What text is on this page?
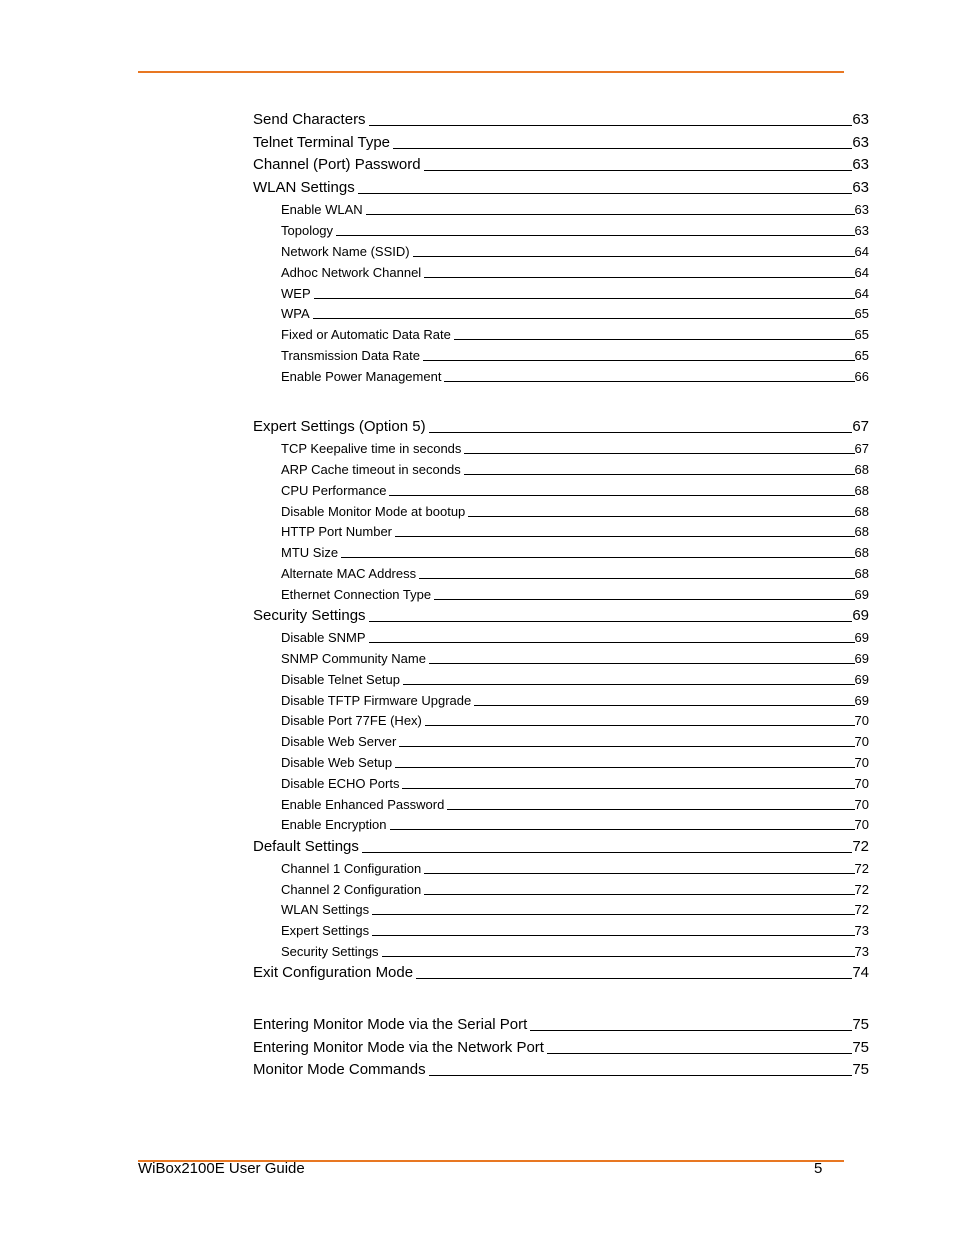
Send Characters	63
Telnet Terminal Type	63
Channel (Port) Password	63
WLAN Settings	63
Enable WLAN	63
Topology	63
Network Name (SSID)	64
Adhoc Network Channel	64
WEP	64
WPA	65
Fixed or Automatic Data Rate	65
Transmission Data Rate	65
Enable Power Management	66
Expert Settings (Option 5)	67
TCP Keepalive time in seconds	67
ARP Cache timeout in seconds	68
CPU Performance	68
Disable Monitor Mode at bootup	68
HTTP Port Number	68
MTU Size	68
Alternate MAC Address	68
Ethernet Connection Type	69
Security Settings	69
Disable SNMP	69
SNMP Community Name	69
Disable Telnet Setup	69
Disable TFTP Firmware Upgrade	69
Disable Port 77FE (Hex)	70
Disable Web Server	70
Disable Web Setup	70
Disable ECHO Ports	70
Enable Enhanced Password	70
Enable Encryption	70
Default Settings	72
Channel 1 Configuration	72
Channel 2 Configuration	72
WLAN Settings	72
Expert Settings	73
Security Settings	73
Exit Configuration Mode	74
Entering Monitor Mode via the Serial Port	75
Entering Monitor Mode via the Network Port	75
Monitor Mode Commands	75
WiBox2100E User Guide	5
